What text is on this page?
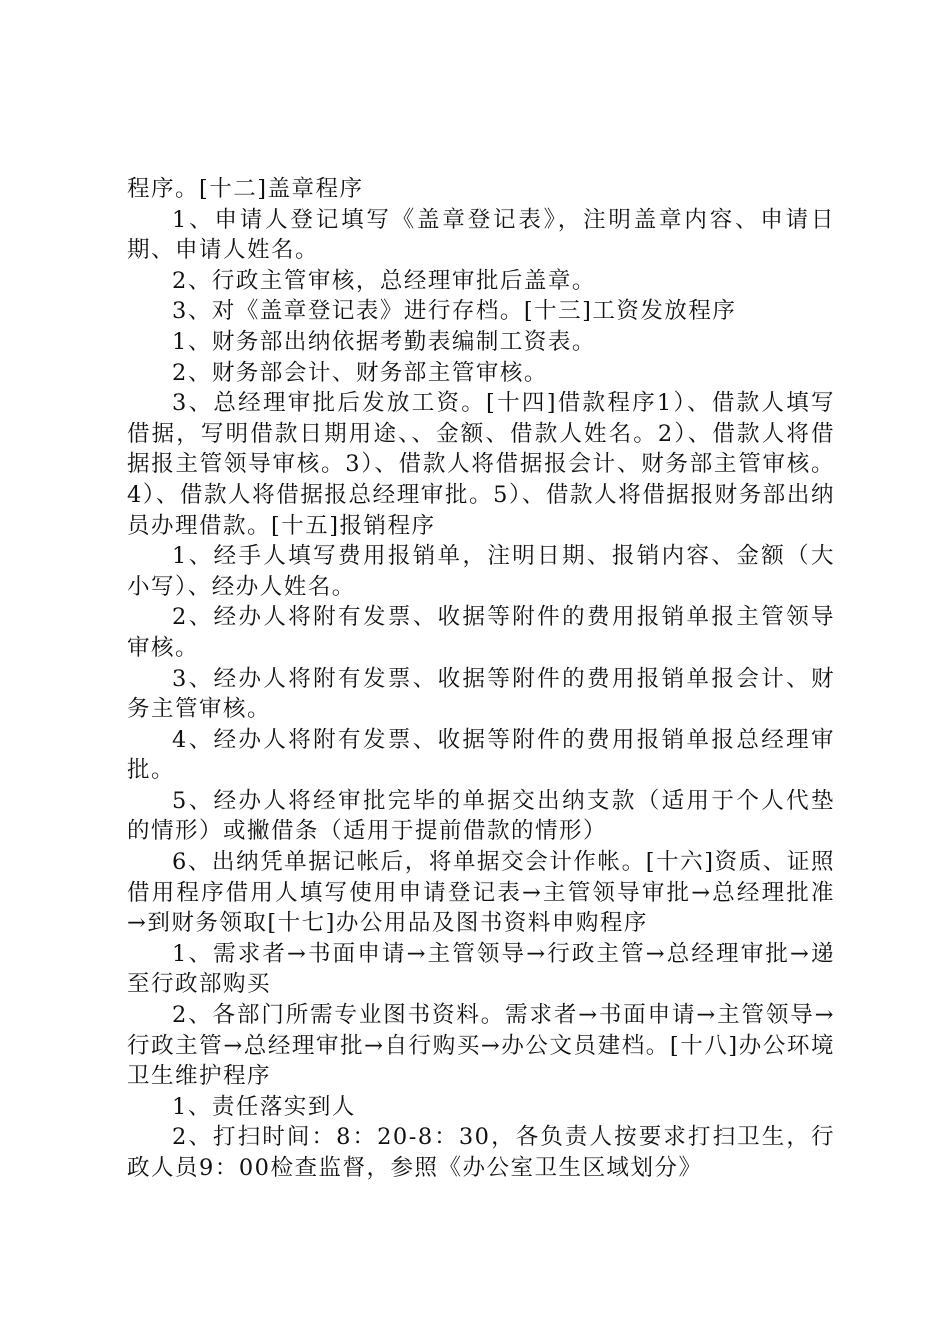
程序。[十二]盖章程序

1、申请人登记填写《盖章登记表》，注明盖章内容、申请日期、申请人姓名。

2、行政主管审核，总经理审批后盖章。

3、对《盖章登记表》进行存档。[十三]工资发放程序

1、财务部出纳依据考勤表编制工资表。

2、财务部会计、财务部主管审核。

3、总经理审批后发放工资。[十四]借款程序1）、借款人填写借据，写明借款日期用途、、金额、借款人姓名。2）、借款人将借据报主管领导审核。3）、借款人将借据报会计、财务部主管审核。4）、借款人将借据报总经理审批。5）、借款人将借据报财务部出纳员办理借款。[十五]报销程序

1、经手人填写费用报销单，注明日期、报销内容、金额（大小写）、经办人姓名。

2、经办人将附有发票、收据等附件的费用报销单报主管领导审核。

3、经办人将附有发票、收据等附件的费用报销单报会计、财务主管审核。

4、经办人将附有发票、收据等附件的费用报销单报总经理审批。

5、经办人将经审批完毕的单据交出纳支款（适用于个人代垫的情形）或撇借条（适用于提前借款的情形）

6、出纳凭单据记帐后，将单据交会计作帐。[十六]资质、证照借用程序借用人填写使用申请登记表→主管领导审批→总经理批准→到财务领取[十七]办公用品及图书资料申购程序

1、需求者→书面申请→主管领导→行政主管→总经理审批→递至行政部购买

2、各部门所需专业图书资料。需求者→书面申请→主管领导→行政主管→总经理审批→自行购买→办公文员建档。[十八]办公环境卫生维护程序

1、责任落实到人

2、打扫时间：8：20-8：30，各负责人按要求打扫卫生，行政人员9：00检查监督，参照《办公室卫生区域划分》
